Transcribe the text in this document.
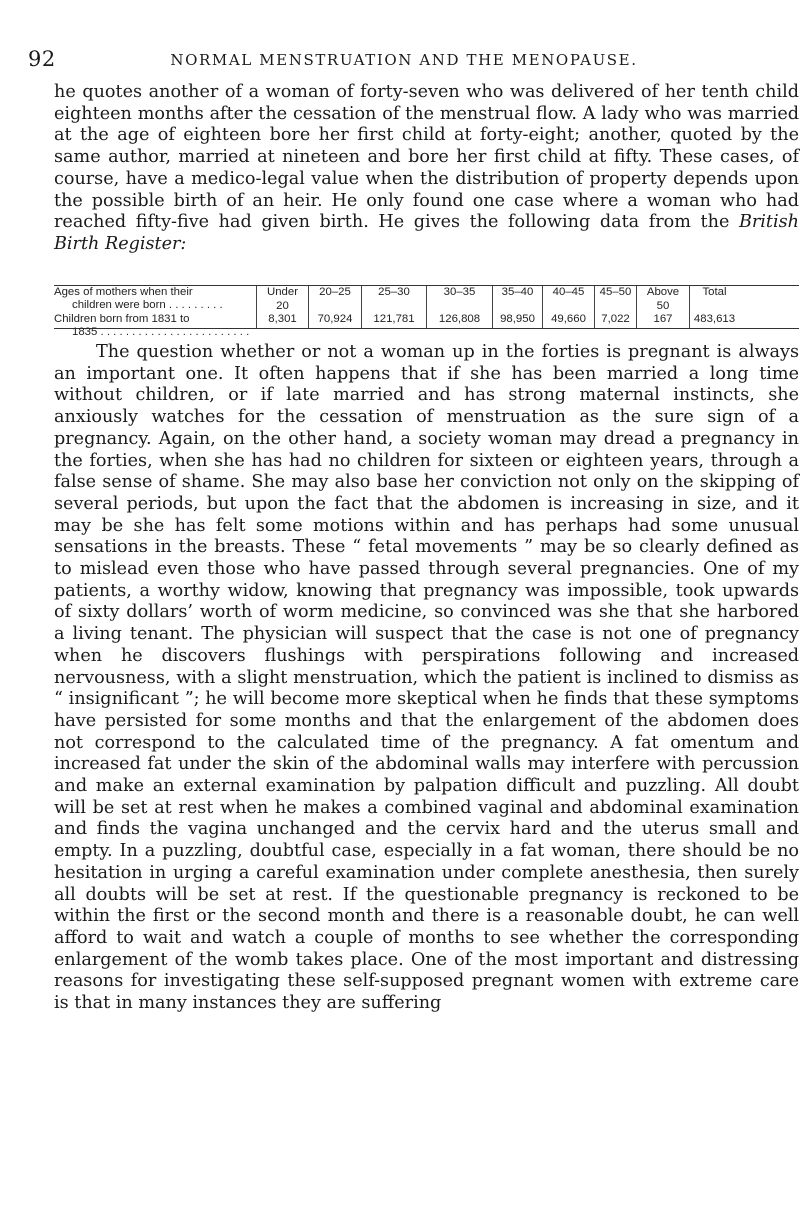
92	NORMAL MENSTRUATION AND THE MENOPAUSE.

he quotes another of a woman of forty-seven who was delivered of her tenth child eighteen months after the cessation of the menstrual flow. A lady who was married at the age of eighteen bore her first child at forty-eight; another, quoted by the same author, married at nineteen and bore her first child at fifty. These cases, of course, have a medico-legal value when the distribution of property depends upon the possible birth of an heir. He only found one case where a woman who had reached fifty-five had given birth. He gives the following data from the British Birth Register:

Ages of mothers when their
children were born . . . . . . . . .
Children born from 1831 to
1835 . . . . . . . . . . . . . . . . . . . . . . . .
Under
20
8,301
20–25
70,924
25–30
121,781
30–35
126,808
35–40
98,950
40–45
49,660
45–50
7,022
Above
50
167
Total
483,613

The question whether or not a woman up in the forties is pregnant is always an important one. It often happens that if she has been married a long time without children, or if late married and has strong maternal instincts, she anxiously watches for the cessation of menstruation as the sure sign of a pregnancy. Again, on the other hand, a society woman may dread a pregnancy in the forties, when she has had no children for sixteen or eighteen years, through a false sense of shame. She may also base her conviction not only on the skipping of several periods, but upon the fact that the abdomen is increasing in size, and it may be she has felt some motions within and has perhaps had some unusual sensations in the breasts. These “ fetal movements ” may be so clearly defined as to mislead even those who have passed through several pregnancies. One of my patients, a worthy widow, knowing that pregnancy was impossible, took upwards of sixty dollars’ worth of worm medicine, so convinced was she that she harbored a living tenant. The physician will suspect that the case is not one of pregnancy when he discovers flushings with perspirations following and increased nervousness, with a slight menstruation, which the patient is inclined to dismiss as “ insignificant ”; he will become more skeptical when he finds that these symptoms have persisted for some months and that the enlargement of the abdomen does not correspond to the calculated time of the pregnancy. A fat omentum and increased fat under the skin of the abdominal walls may interfere with percussion and make an external examination by palpation difficult and puzzling. All doubt will be set at rest when he makes a combined vaginal and abdominal examination and finds the vagina unchanged and the cervix hard and the uterus small and empty. In a puzzling, doubtful case, especially in a fat woman, there should be no hesitation in urging a careful examination under complete anesthesia, then surely all doubts will be set at rest. If the questionable pregnancy is reckoned to be within the first or the second month and there is a reasonable doubt, he can well afford to wait and watch a couple of months to see whether the corresponding enlargement of the womb takes place. One of the most important and distressing reasons for investigating these self-supposed pregnant women with extreme care is that in many instances they are suffering
